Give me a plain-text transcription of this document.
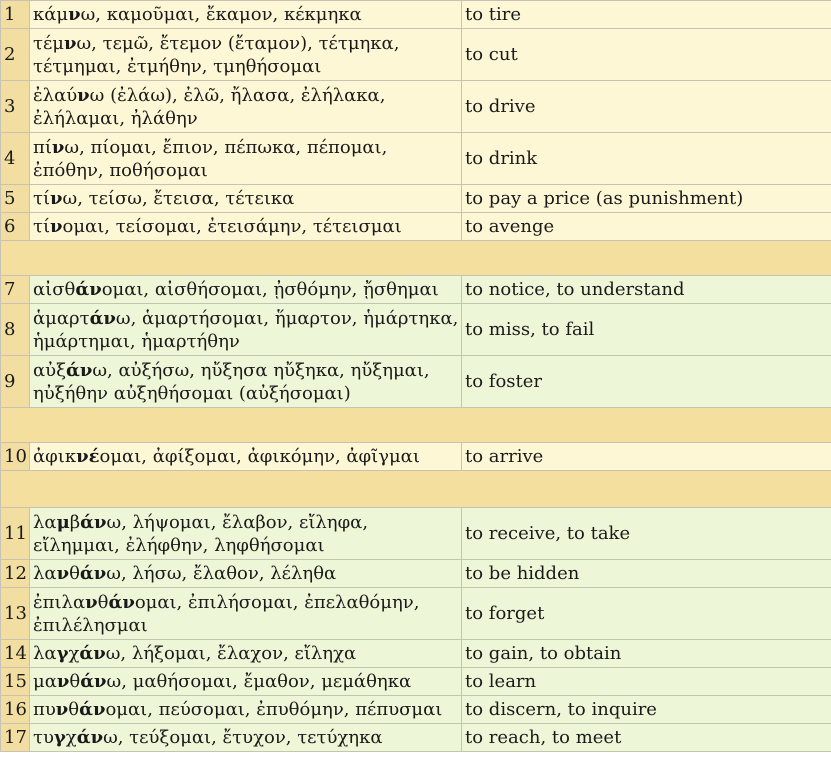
1	κάμνω, καμοῦμαι, ἔκαμον, κέκμηκα	to tire
2	τέμνω, τεμῶ, ἔτεμον (ἔταμον), τέτμηκα, τέτμημαι, ἐτμήθην, τμηθήσομαι	to cut
3	ἐλαύνω (ἐλάω), ἐλῶ, ἤλασα, ἐλήλακα, ἐλήλαμαι, ἠλάθην	to drive
4	πίνω, πίομαι, ἔπιον, πέπωκα, πέπομαι, ἐπόθην, ποθήσομαι	to drink
5	τίνω, τείσω, ἔτεισα, τέτεικα	to pay a price (as punishment)
6	τίνομαι, τείσομαι, ἐτεισάμην, τέτεισμαι	to avenge

7	αἰσθάνομαι, αἰσθήσομαι, ᾐσθόμην, ᾔσθημαι	to notice, to understand
8	ἁμαρτάνω, ἁμαρτήσομαι, ἥμαρτον, ἡμάρτηκα, ἡμάρτημαι, ἡμαρτήθην	to miss, to fail
9	αὐξάνω, αὐξήσω, ηὔξησα ηὔξηκα, ηὔξημαι, ηὐξήθην αὐξηθήσομαι (αὐξήσομαι)	to foster

10	ἀφικνέομαι, ἀφίξομαι, ἀφικόμην, ἀφῖγμαι	to arrive

11	λαμβάνω, λήψομαι, ἔλαβον, εἴληφα, εἴλημμαι, ἐλήφθην, ληφθήσομαι	to receive, to take
12	λανθάνω, λήσω, ἔλαθον, λέληθα	to be hidden
13	ἐπιλανθάνομαι, ἐπιλήσομαι, ἐπελαθόμην, ἐπιλέλησμαι	to forget
14	λαγχάνω, λήξομαι, ἔλαχον, εἴληχα	to gain, to obtain
15	μανθάνω, μαθήσομαι, ἔμαθον, μεμάθηκα	to learn
16	πυνθάνομαι, πεύσομαι, ἐπυθόμην, πέπυσμαι	to discern, to inquire
17	τυγχάνω, τεύξομαι, ἔτυχον, τετύχηκα	to reach, to meet
